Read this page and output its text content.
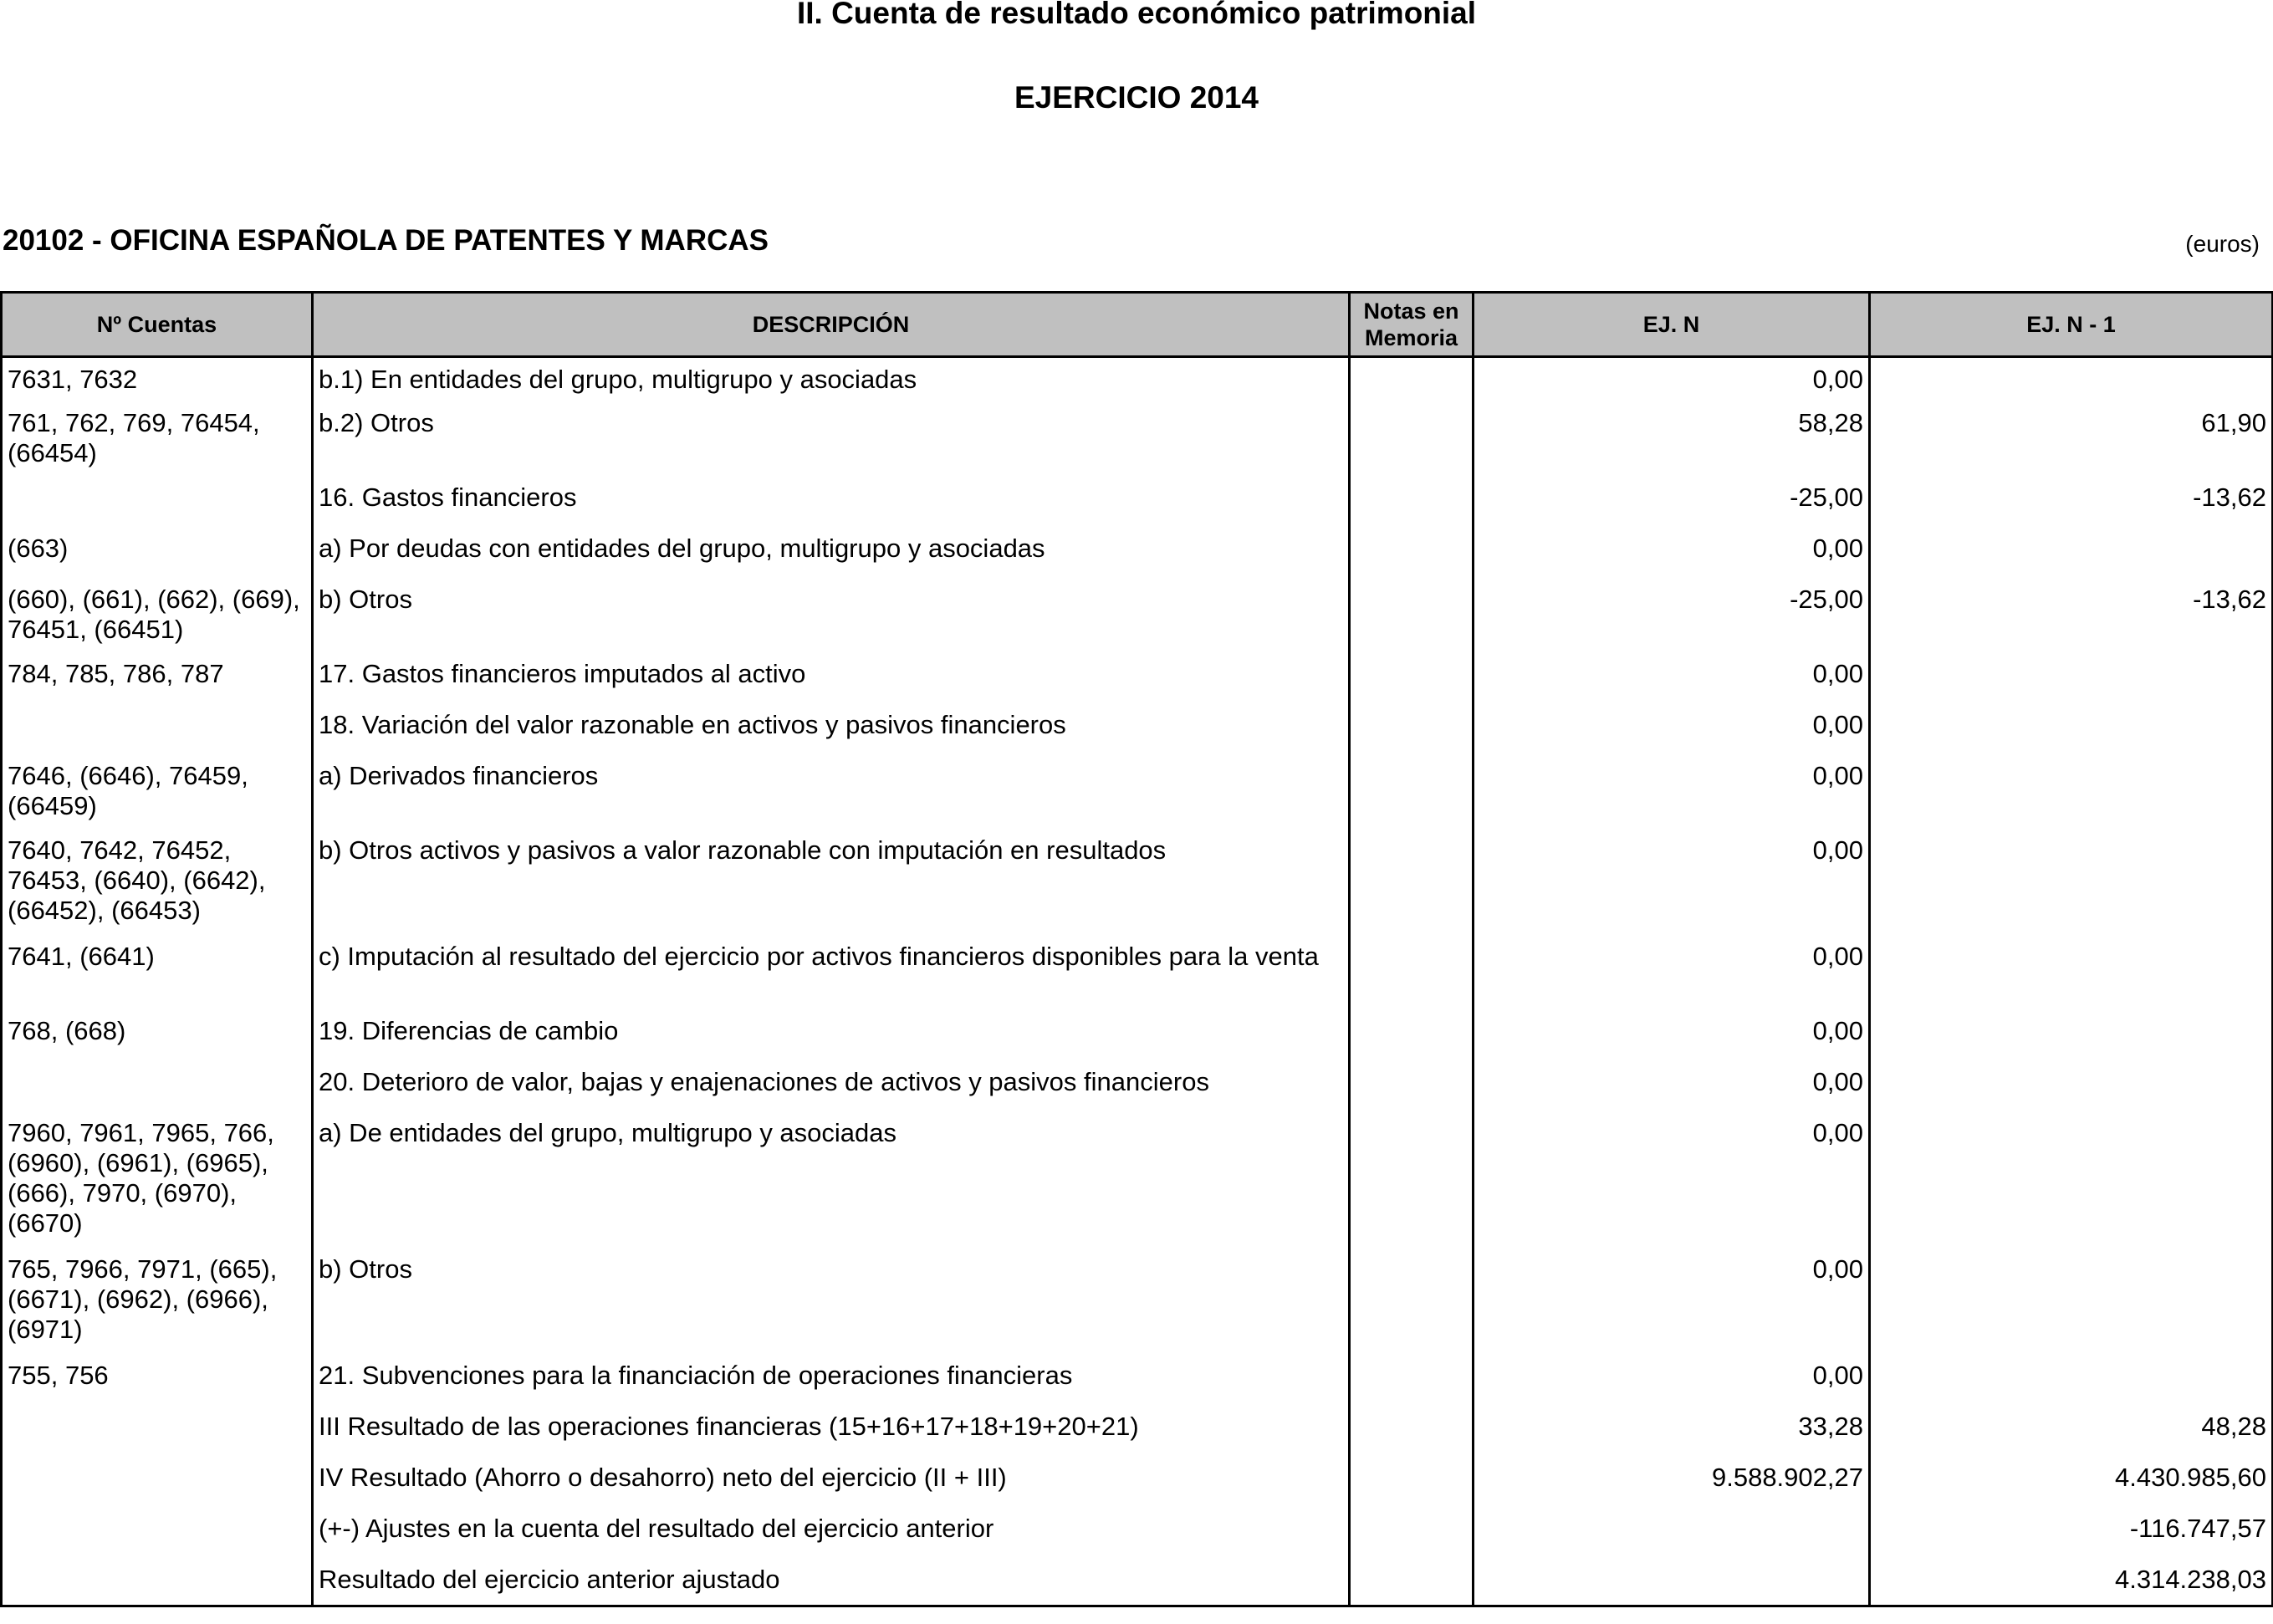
II. Cuenta de resultado económico patrimonial
EJERCICIO 2014
20102 - OFICINA ESPAÑOLA DE PATENTES Y MARCAS	(euros)
Nº Cuentas	DESCRIPCIÓN	Notas en Memoria	EJ. N	EJ. N - 1
7631, 7632	b.1) En entidades del grupo, multigrupo y asociadas		0,00	
761, 762, 769, 76454, (66454)	b.2) Otros		58,28	61,90
	16. Gastos financieros		-25,00	-13,62
(663)	a) Por deudas con entidades del grupo, multigrupo y asociadas		0,00	
(660), (661), (662), (669), 76451, (66451)	b) Otros		-25,00	-13,62
784, 785, 786, 787	17. Gastos financieros imputados al activo		0,00	
	18. Variación del valor razonable en activos y pasivos financieros		0,00	
7646, (6646), 76459, (66459)	a) Derivados financieros		0,00	
7640, 7642, 76452, 76453, (6640), (6642), (66452), (66453)	b) Otros activos y pasivos a valor razonable con imputación en resultados		0,00	
7641, (6641)	c) Imputación al resultado del ejercicio por activos financieros disponibles para la venta		0,00	
768, (668)	19. Diferencias de cambio		0,00	
	20. Deterioro de valor, bajas y enajenaciones de activos y pasivos financieros		0,00	
7960, 7961, 7965, 766, (6960), (6961), (6965), (666), 7970, (6970), (6670)	a) De entidades del grupo, multigrupo y asociadas		0,00	
765, 7966, 7971, (665), (6671), (6962), (6966), (6971)	b) Otros		0,00	
755, 756	21. Subvenciones para la financiación de operaciones financieras		0,00	
	III Resultado de las operaciones financieras (15+16+17+18+19+20+21)		33,28	48,28
	IV Resultado (Ahorro o desahorro) neto del ejercicio (II + III)		9.588.902,27	4.430.985,60
	(+-) Ajustes en la cuenta del resultado del ejercicio anterior			-116.747,57
	Resultado del ejercicio anterior ajustado			4.314.238,03
